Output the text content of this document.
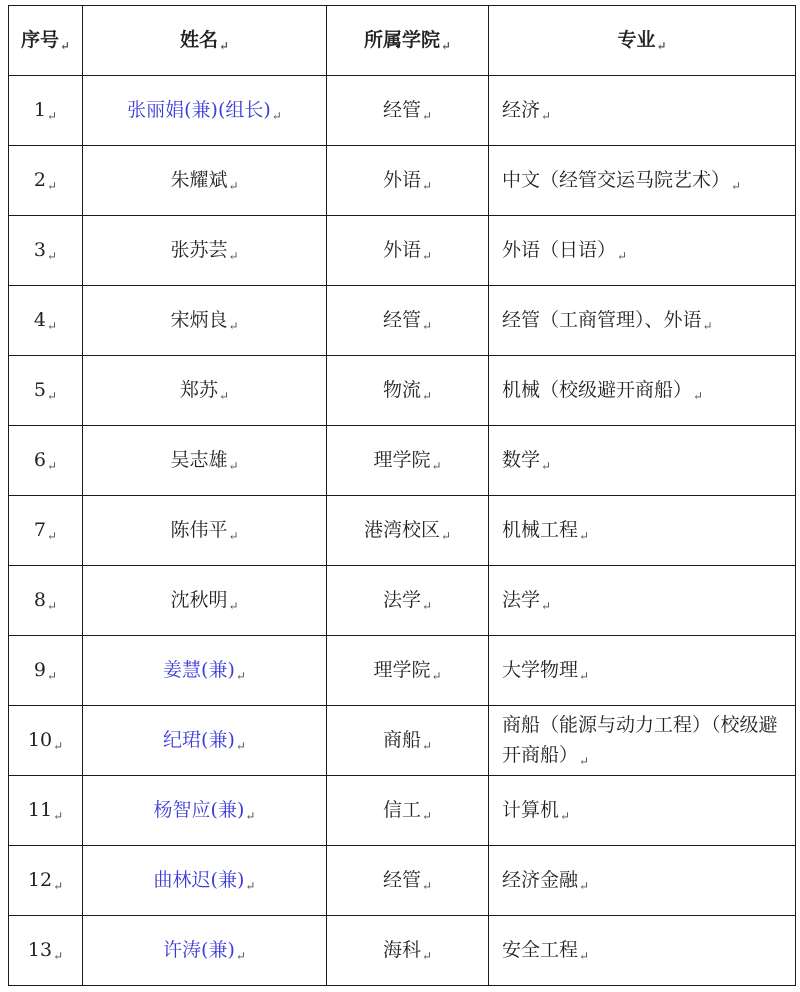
序号$_↵$	姓名$_↵$	所属学院$_↵$	专业$_↵$
$1_↵$	张丽娟(兼)(组长)$_↵$	经管$_↵$	经济$_↵$
$2_↵$	朱耀斌$_↵$	外语$_↵$	中文（经管交运马院艺术）$_↵$
$3_↵$	张苏芸$_↵$	外语$_↵$	外语（日语）$_↵$
$4_↵$	宋炳良$_↵$	经管$_↵$	经管（工商管理）、外语$_↵$
$5_↵$	郑苏$_↵$	物流$_↵$	机械（校级避开商船）$_↵$
$6_↵$	吴志雄$_↵$	理学院$_↵$	数学$_↵$
$7_↵$	陈伟平$_↵$	港湾校区$_↵$	机械工程$_↵$
$8_↵$	沈秋明$_↵$	法学$_↵$	法学$_↵$
$9_↵$	姜慧(兼)$_↵$	理学院$_↵$	大学物理$_↵$
$10_↵$	纪珺(兼)$_↵$	商船$_↵$	商船（能源与动力工程）（校级避开商船）$_↵$
$11_↵$	杨智应(兼)$_↵$	信工$_↵$	计算机$_↵$
$12_↵$	曲林迟(兼)$_↵$	经管$_↵$	经济金融$_↵$
$13_↵$	许涛(兼)$_↵$	海科$_↵$	安全工程$_↵$
